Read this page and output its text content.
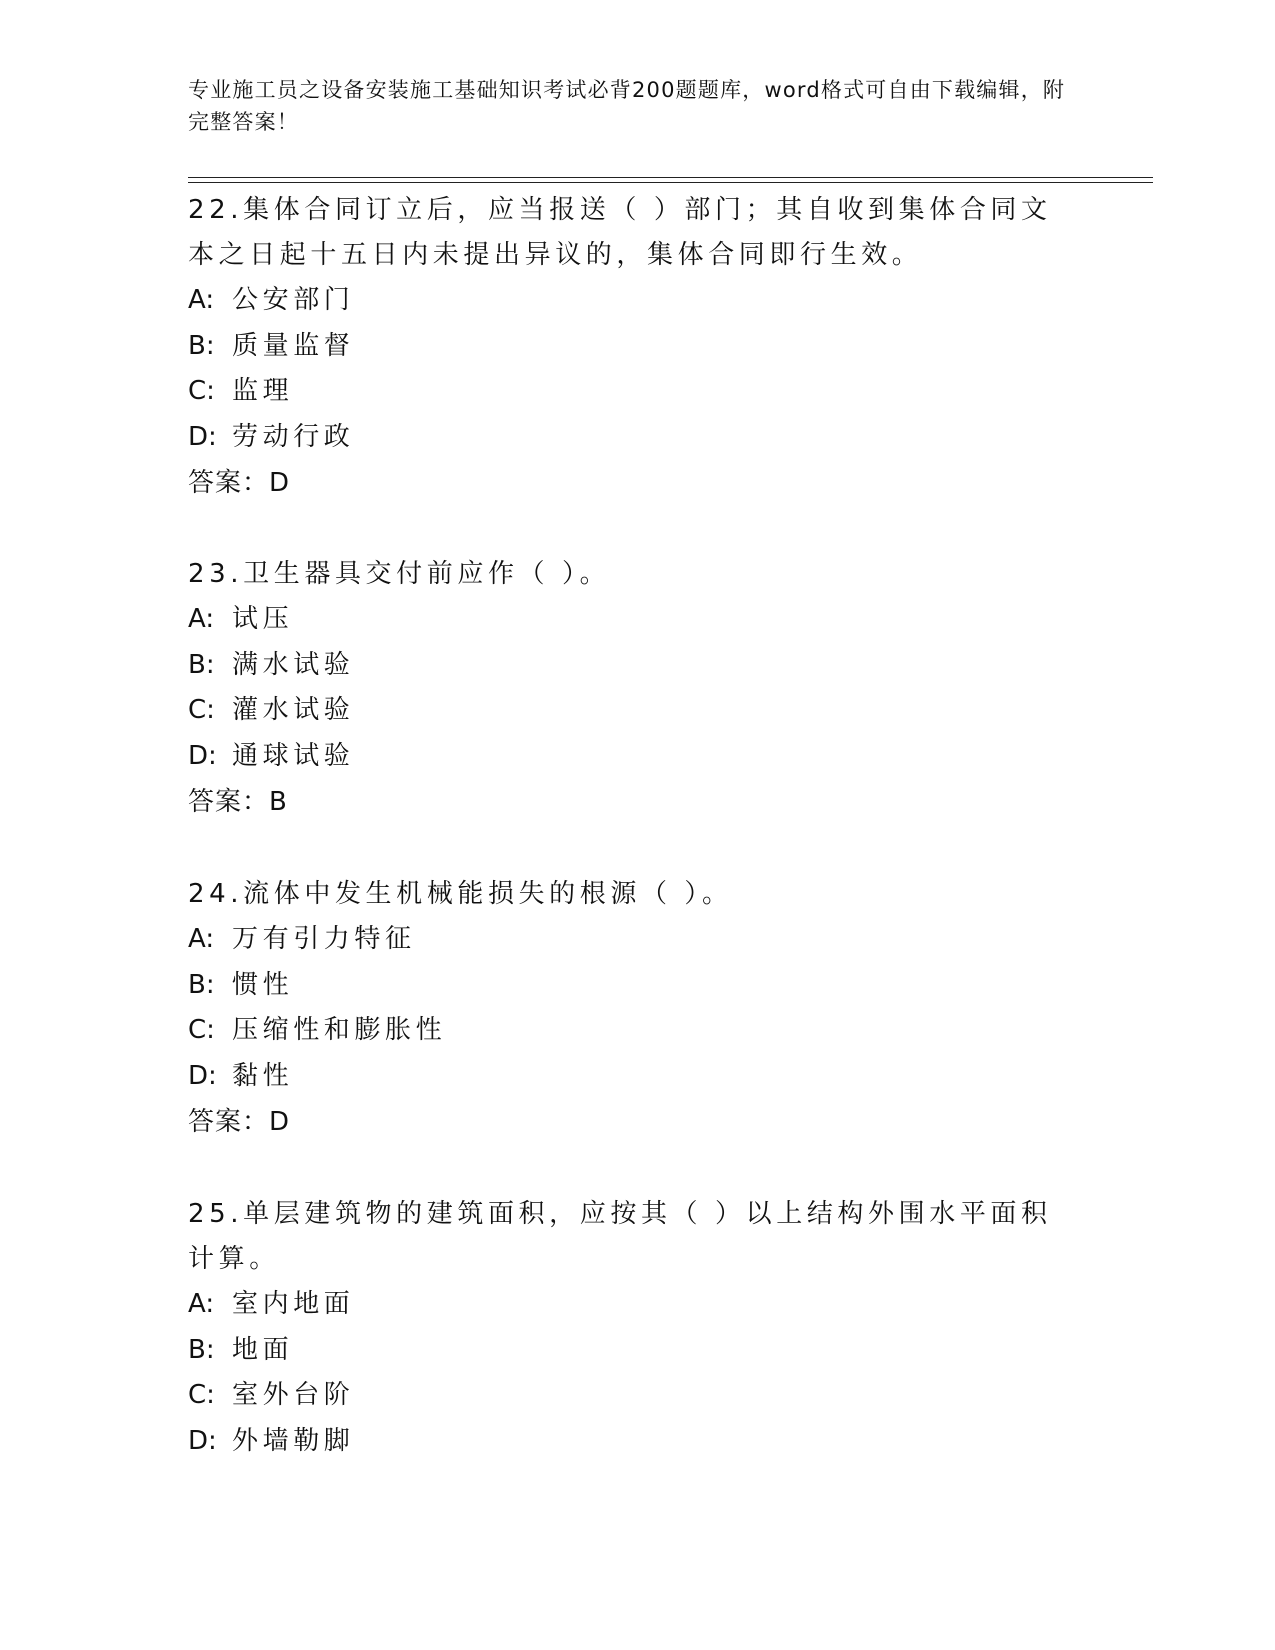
专业施工员之设备安装施工基础知识考试必背200题题库，word格式可自由下载编辑，附完整答案！

22.集体合同订立后，应当报送（ ）部门；其自收到集体合同文本之日起十五日内未提出异议的，集体合同即行生效。

A: 公安部门

B: 质量监督

C: 监理

D: 劳动行政

答案：D

23.卫生器具交付前应作（ ）。

A: 试压

B: 满水试验

C: 灌水试验

D: 通球试验

答案：B

24.流体中发生机械能损失的根源（ ）。

A: 万有引力特征

B: 惯性

C: 压缩性和膨胀性

D: 黏性

答案：D

25.单层建筑物的建筑面积，应按其（ ）以上结构外围水平面积计算。

A: 室内地面

B: 地面

C: 室外台阶

D: 外墙勒脚
